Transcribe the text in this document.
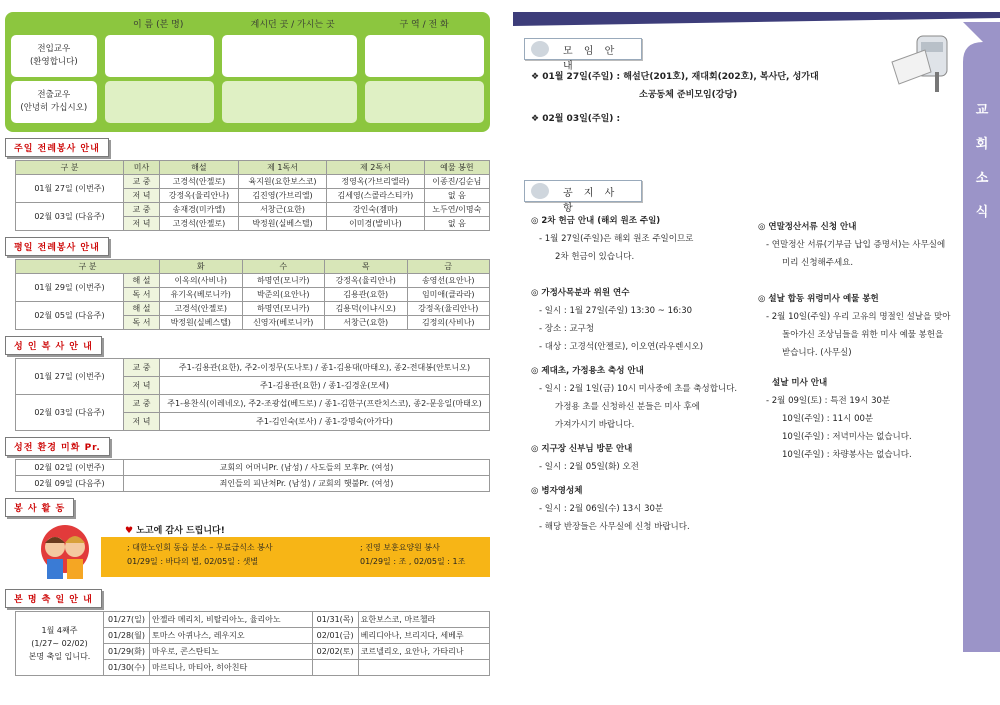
이 름 (본 명)	계시던 곳 / 가시는 곳	구 역 / 전 화
전입교우
(환영합니다)
전출교우
(안녕히 가십시오)
주일 전례봉사 안내
구 분	미사	해설	제 1독서	제 2독서	예물 봉헌
01월 27일 (이번주)	교 중	고경석(안젤로)	육지원(요한보스코)	정영옥(가브리엘라)	이종진/김순님
	저 녁	강정옥(율리안나)	김진영(가브리엘)	김세영(스콜라스티카)	없 음
02월 03일 (다음주)	교 중	송재경(미카엘)	서창근(요한)	강인숙(젬마)	노두연/이명숙
	저 녁	고경석(안젤로)	박정원(실베스텔)	이미경(발비나)	없 음
평일 전례봉사 안내
구 분		화	수	목	금
01월 29일 (이번주)	해 설	이옥의(사비나)	하명연(모니카)	강정옥(율리안나)	송영선(요안나)
	독 서	유기옥(베로니카)	박준의(요안나)	김용관(요한)	임미애(클라라)
02월 05일 (다음주)	해 설	고경석(안젤로)	하명연(모니카)	김용덕(이냐시오)	강정옥(율리안나)
	독 서	박정원(실베스텔)	신영자(베로니카)	서창근(요한)	김정의(사비나)
성 인 복 사 안 내
01월 27일 (이번주)	교 중	주1-김용관(요한), 주2-이정무(도나토) / 종1-김용대(마태오), 종2-전대봉(안토니오)
	저 녁	주1-김용관(요한) / 종1-김경운(모세)
02월 03일 (다음주)	교 중	주1-용찬식(이레네오), 주2-조광섭(베드로) / 종1-김한구(프란치스코), 종2-문응일(마태오)
	저 녁	주1-김인숙(로사) / 종1-강명숙(아가다)
성전 환경 미화 Pr.
02월 02일 (이번주)	교회의 어머니Pr. (남성) / 사도들의 모후Pr. (여성)
02월 09일 (다음주)	죄인들의 피난처Pr. (남성) / 교회의 햇불Pr. (여성)
봉 사 활 동
♥ 노고에 감사 드립니다!
; 대한노인회 동읍 분소 – 무료급식소 봉사
01/29일 : 바다의 별, 02/05일 : 샛별
; 진영 보훈요양원 봉사
01/29일 : 조 , 02/05일 : 1조
본 명 축 일 안 내
1월 4째주
(1/27~ 02/02)
본명 축일 입니다.	01/27(일)	안젤라 메리치, 비탈리아노, 율리아노	01/31(목)	요한보스코, 마르첼라
	01/28(월)	토마스 아퀴나스, 레우지오	02/01(금)	베리디아나, 브리지다, 세베루
	01/29(화)	마우로, 콘스탄티노	02/02(토)	코르넬리오, 요안나, 가타리나
	01/30(수)	마르티나, 마티아, 히아친타		
모 임 안 내
❖ 01월 27일(주일) : 해설단(201호), 재대회(202호), 복사단, 성가대
소공동체 준비모임(강당)
❖ 02월 03일(주일) :
공 지 사 항
◎ 2차 헌금 안내 (해외 원조 주일)
- 1월 27일(주일)은 해외 원조 주일이므로
2차 헌금이 있습니다.
◎ 가정사목분과 위원 연수
- 일시 : 1월 27일(주일) 13:30 ~ 16:30
- 장소 : 교구청
- 대상 : 고경석(안젤로), 이오연(라우렌시오)
◎ 제대초, 가정용초 축성 안내
- 일시 : 2월 1일(금) 10시 미사중에 초를 축성합니다.
가정용 초를 신청하신 분들은 미사 후에
가져가시기 바랍니다.
◎ 지구장 신부님 방문 안내
- 일시 : 2월 05일(화) 오전
◎ 병자영성체
- 일시 : 2월 06일(수) 13시 30분
- 해당 반장들은 사무실에 신청 바랍니다.
◎ 연말정산서류 신청 안내
- 연말정산 서류(기부금 납입 증명서)는 사무실에
미리 신청해주세요.
◎ 설날 합동 위령미사 예물 봉헌
- 2월 10일(주일) 우리 고유의 명절인 설날을 맞아
돌아가신 조상님들을 위한 미사 예물 봉헌을
받습니다. (사무실)
설날 미사 안내
- 2월 09일(토) : 특전 19시 30분
10일(주일) : 11시 00분
10일(주일) : 저녁미사는 없습니다.
10일(주일) : 차량봉사는 없습니다.
교
회
소
식
